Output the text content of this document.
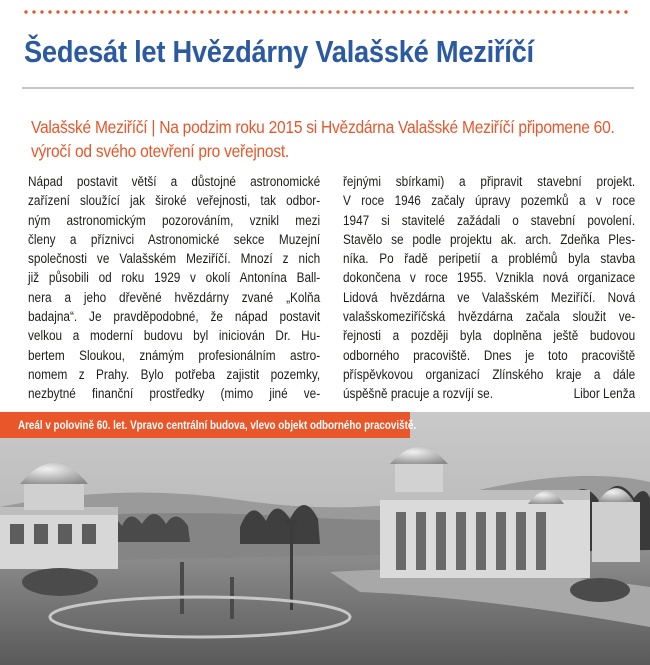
Šedesát let Hvězdárny Valašské Meziříčí

Valašské Meziříčí | Na podzim roku 2015 si Hvězdárna Valašské Meziříčí připomene 60. výročí od svého otevření pro veřejnost.

Nápad postavit větší a důstojné astronomické

zařízení sloužící jak široké veřejnosti, tak odbor-

ným astronomickým pozorováním, vznikl mezi

členy a příznivci Astronomické sekce Muzejní

společnosti ve Valašském Meziříčí. Mnozí z nich

již působili od roku 1929 v okolí Antonína Ball-

nera a jeho dřevěné hvězdárny zvané „Kolňa

badajna“. Je pravděpodobné, že nápad postavit

velkou a moderní budovu byl iniciován Dr. Hu-

bertem Sloukou, známým profesionálním astro-

nomem z Prahy. Bylo potřeba zajistit pozemky,

nezbytné finanční prostředky (mimo jiné ve-

řejnými sbírkami) a připravit stavební projekt.

V roce 1946 začaly úpravy pozemků a v roce

1947 si stavitelé zažádali o stavební povolení.

Stavělo se podle projektu ak. arch. Zdeňka Ples-

níka. Po řadě peripetií a problémů byla stavba

dokončena v roce 1955. Vznikla nová organizace

Lidová hvězdárna ve Valašském Meziříčí. Nová

valašskomeziříčská hvězdárna začala sloužit ve-

řejnosti a později byla doplněna ještě budovou

odborného pracoviště. Dnes je toto pracoviště

příspěvkovou organizací Zlínského kraje a dále

úspěšně pracuje a rozvíjí se.	Libor Lenža

Areál v polovině 60. let. Vpravo centrální budova, vlevo objekt odborného pracoviště.
